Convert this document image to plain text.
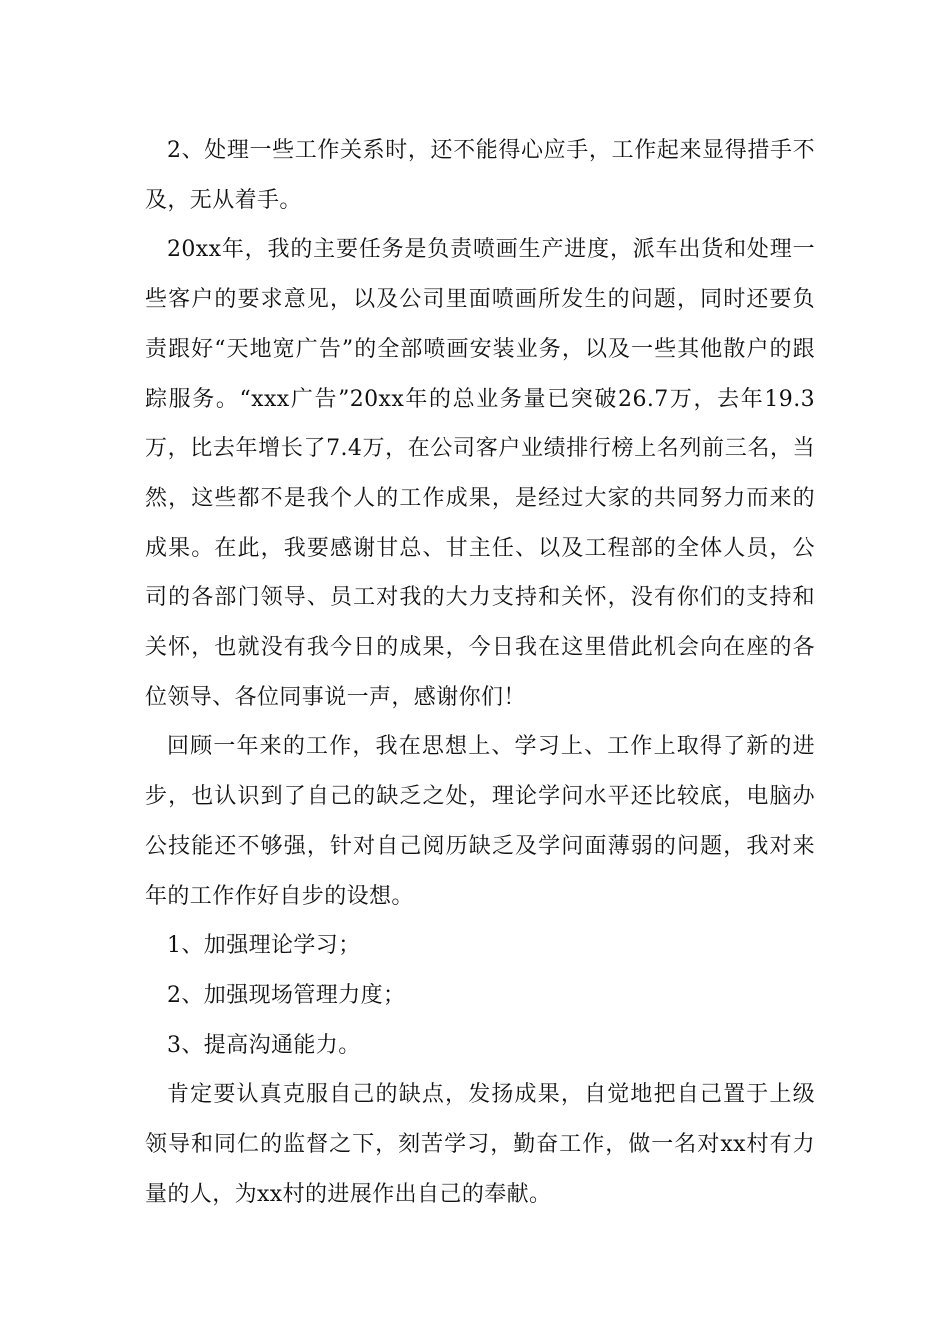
2、处理一些工作关系时，还不能得心应手，工作起来显得措手不及，无从着手。

20xx年，我的主要任务是负责喷画生产进度，派车出货和处理一些客户的要求意见，以及公司里面喷画所发生的问题，同时还要负责跟好“天地宽广告”的全部喷画安装业务，以及一些其他散户的跟踪服务。“xxx广告”20xx年的总业务量已突破26.7万，去年19.3万，比去年增长了7.4万，在公司客户业绩排行榜上名列前三名，当然，这些都不是我个人的工作成果，是经过大家的共同努力而来的成果。在此，我要感谢甘总、甘主任、以及工程部的全体人员，公司的各部门领导、员工对我的大力支持和关怀，没有你们的支持和关怀，也就没有我今日的成果，今日我在这里借此机会向在座的各位领导、各位同事说一声，感谢你们！

回顾一年来的工作，我在思想上、学习上、工作上取得了新的进步，也认识到了自己的缺乏之处，理论学问水平还比较底，电脑办公技能还不够强，针对自己阅历缺乏及学问面薄弱的问题，我对来年的工作作好自步的设想。

1、加强理论学习；

2、加强现场管理力度；

3、提高沟通能力。

肯定要认真克服自己的缺点，发扬成果，自觉地把自己置于上级领导和同仁的监督之下，刻苦学习，勤奋工作，做一名对xx村有力量的人，为xx村的进展作出自己的奉献。
